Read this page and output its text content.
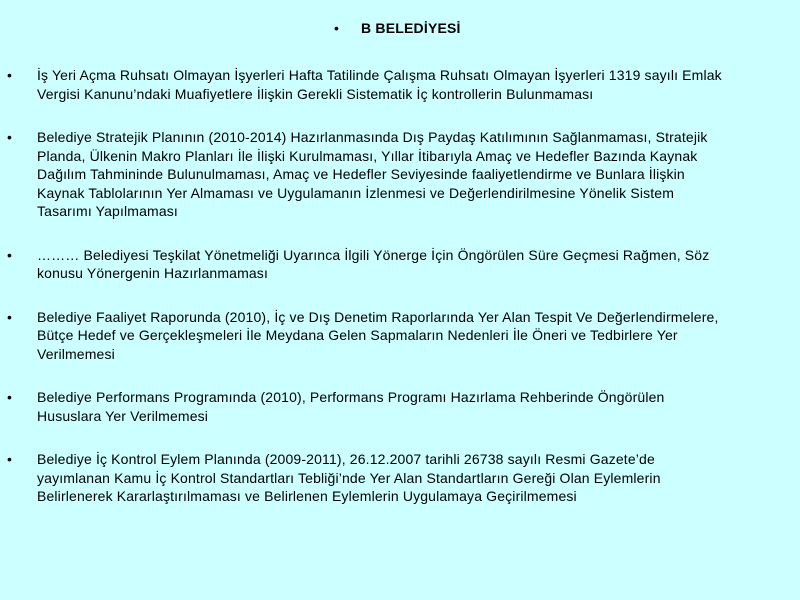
• B BELEDİYESİ
• İş Yeri Açma Ruhsatı Olmayan İşyerleri Hafta Tatilinde Çalışma Ruhsatı Olmayan İşyerleri 1319 sayılı Emlak
Vergisi Kanunu’ndaki Muafiyetlere İlişkin Gerekli Sistematik İç kontrollerin Bulunmaması
• Belediye Stratejik Planının (2010-2014) Hazırlanmasında Dış Paydaş Katılımının Sağlanmaması, Stratejik
Planda, Ülkenin Makro Planları İle İlişki Kurulmaması, Yıllar İtibarıyla Amaç ve Hedefler Bazında Kaynak
Dağılım Tahmininde Bulunulmaması, Amaç ve Hedefler Seviyesinde faaliyetlendirme ve Bunlara İlişkin
Kaynak Tablolarının Yer Almaması ve Uygulamanın İzlenmesi ve Değerlendirilmesine Yönelik Sistem
Tasarımı Yapılmaması
• ……… Belediyesi Teşkilat Yönetmeliği Uyarınca İlgili Yönerge İçin Öngörülen Süre Geçmesi Rağmen, Söz
konusu Yönergenin Hazırlanmaması
• Belediye Faaliyet Raporunda (2010), İç ve Dış Denetim Raporlarında Yer Alan Tespit Ve Değerlendirmelere,
Bütçe Hedef ve Gerçekleşmeleri İle Meydana Gelen Sapmaların Nedenleri İle Öneri ve Tedbirlere Yer
Verilmemesi
• Belediye Performans Programında (2010), Performans Programı Hazırlama Rehberinde Öngörülen
Hususlara Yer Verilmemesi
• Belediye İç Kontrol Eylem Planında (2009-2011), 26.12.2007 tarihli 26738 sayılı Resmi Gazete’de
yayımlanan Kamu İç Kontrol Standartları Tebliği’nde Yer Alan Standartların Gereği Olan Eylemlerin
Belirlenerek Kararlaştırılmaması ve Belirlenen Eylemlerin Uygulamaya Geçirilmemesi
